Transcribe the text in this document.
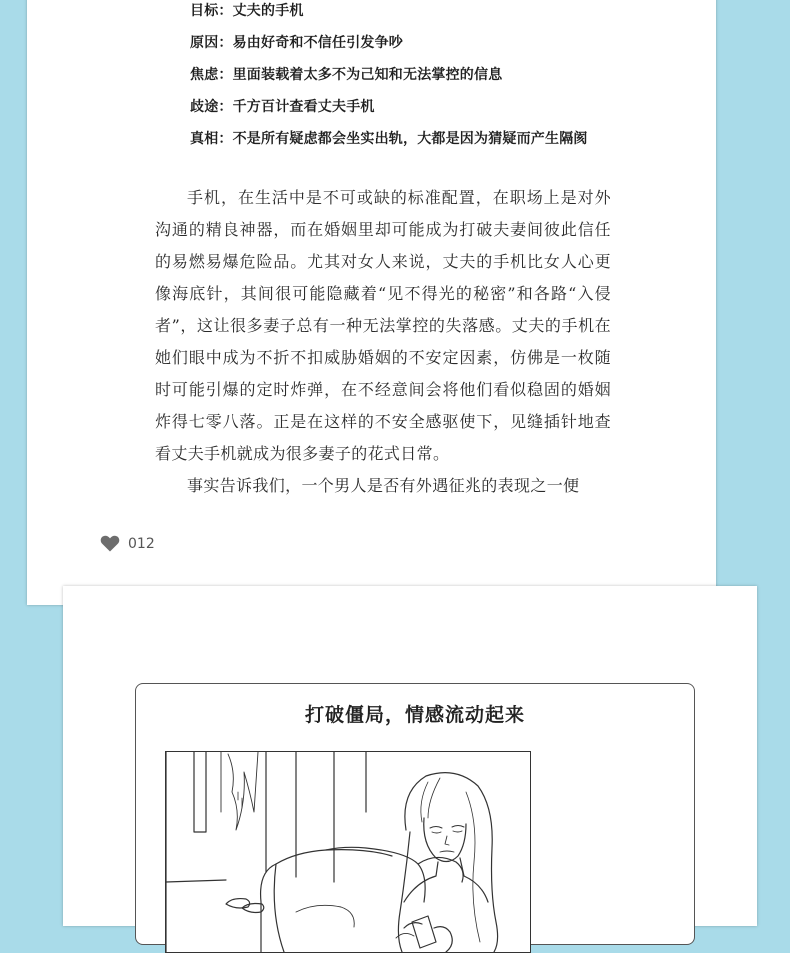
目标：丈夫的手机
原因：易由好奇和不信任引发争吵
焦虑：里面装载着太多不为己知和无法掌控的信息
歧途：千方百计查看丈夫手机
真相：不是所有疑虑都会坐实出轨，大都是因为猜疑而产生隔阂

手机，在生活中是不可或缺的标准配置，在职场上是对外沟通的精良神器，而在婚姻里却可能成为打破夫妻间彼此信任的易燃易爆危险品。尤其对女人来说，丈夫的手机比女人心更像海底针，其间很可能隐藏着“见不得光的秘密”和各路“入侵者”，这让很多妻子总有一种无法掌控的失落感。丈夫的手机在她们眼中成为不折不扣威胁婚姻的不安定因素，仿佛是一枚随时可能引爆的定时炸弹，在不经意间会将他们看似稳固的婚姻炸得七零八落。正是在这样的不安全感驱使下，见缝插针地查看丈夫手机就成为很多妻子的花式日常。

事实告诉我们，一个男人是否有外遇征兆的表现之一便

012
打破僵局，情感流动起来
